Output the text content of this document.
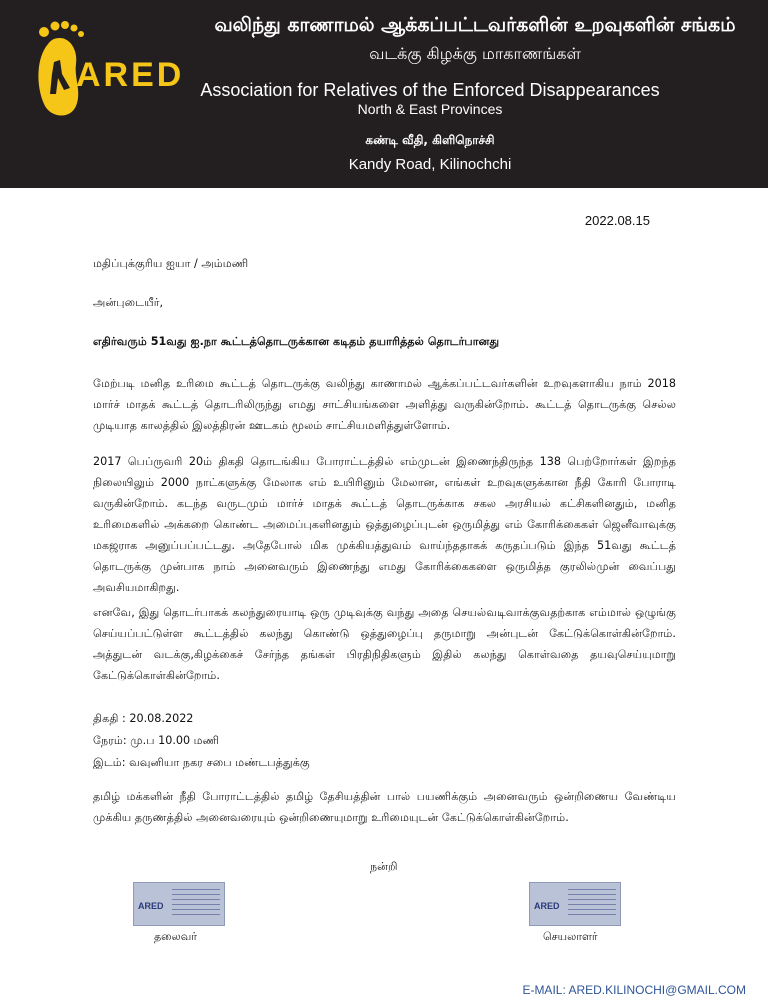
ARED
வலிந்து காணாமல் ஆக்கப்பட்டவர்களின் உறவுகளின் சங்கம்
வடக்கு கிழக்கு மாகாணங்கள்
Association for Relatives of the Enforced Disappearances
North & East Provinces
கண்டி வீதி, கிளிநொச்சி
Kandy Road, Kilinochchi
2022.08.15
மதிப்புக்குரிய ஐயா / அம்மணி
அன்புடையீர்,
எதிர்வரும் 51வது ஐ.நா கூட்டத்தொடருக்கான கடிதம் தயாரித்தல் தொடர்பானது
மேற்படி மனித உரிமை கூட்டத் தொடருக்கு வலிந்து காணாமல் ஆக்கப்பட்டவர்களின் உறவுகளாகிய நாம் 2018 மார்ச் மாதக் கூட்டத் தொடரிலிருந்து எமது சாட்சியங்களை அளித்து வருகின்றோம். கூட்டத் தொடருக்கு செல்ல முடியாத காலத்தில் இலத்திரன் ஊடகம் மூலம் சாட்சியமளித்துள்ளோம்.
2017 பெப்ருவரி 20ம் திகதி தொடங்கிய போராட்டத்தில் எம்முடன் இணைந்திருந்த 138 பெற்றோர்கள் இறந்த நிலையிலும் 2000 நாட்களுக்கு மேலாக எம் உயிரினும் மேலான, எங்கள் உறவுகளுக்கான நீதி கோரி போராடி வருகின்றோம். கடந்த வருடமும் மார்ச் மாதக் கூட்டத் தொடருக்காக சகல அரசியல் கட்சிகளினதும், மனித உரிமைகளில் அக்கறை கொண்ட அமைப்புகளினதும் ஒத்துழைப்புடன் ஒருமித்து எம் கோரிக்கைகள் ஜெனீவாவுக்கு மகஜராக அனுப்பப்பட்டது. அதேபோல் மிக முக்கியத்துவம் வாய்ந்ததாகக் கருதப்படும் இந்த 51வது கூட்டத் தொடருக்கு முன்பாக நாம் அனைவரும் இணைந்து எமது கோரிக்கைகளை ஒருமித்த குரலில்முன் வைப்பது அவசியமாகிறது.
எனவே, இது தொடர்பாகக் கலந்துரையாடி ஒரு முடிவுக்கு வந்து அதை செயல்வடிவாக்குவதற்காக எம்மால் ஒழுங்கு செய்யப்பட்டுள்ள கூட்டத்தில் கலந்து கொண்டு ஒத்துழைப்பு தருமாறு அன்புடன் கேட்டுக்கொள்கின்றோம். அத்துடன் வடக்கு,கிழக்கைச் சேர்ந்த தங்கள் பிரதிநிதிகளும் இதில் கலந்து கொள்வதை தயவுசெய்யுமாறு கேட்டுக்கொள்கின்றோம்.
திகதி : 20.08.2022
நேரம்: மு.ப 10.00 மணி
இடம்: வவுனியா நகர சபை மண்டபத்துக்கு
தமிழ் மக்களின் நீதி போராட்டத்தில் தமிழ் தேசியத்தின் பால் பயணிக்கும் அனைவரும் ஒன்றிணைய வேண்டிய முக்கிய தருணத்தில் அனைவரையும் ஒன்றிணையுமாறு உரிமையுடன் கேட்டுக்கொள்கின்றோம்.
நன்றி
ARED	ARED
தலைவர்	செயலாளர்
E-MAIL: ARED.KILINOCHI@GMAIL.COM
